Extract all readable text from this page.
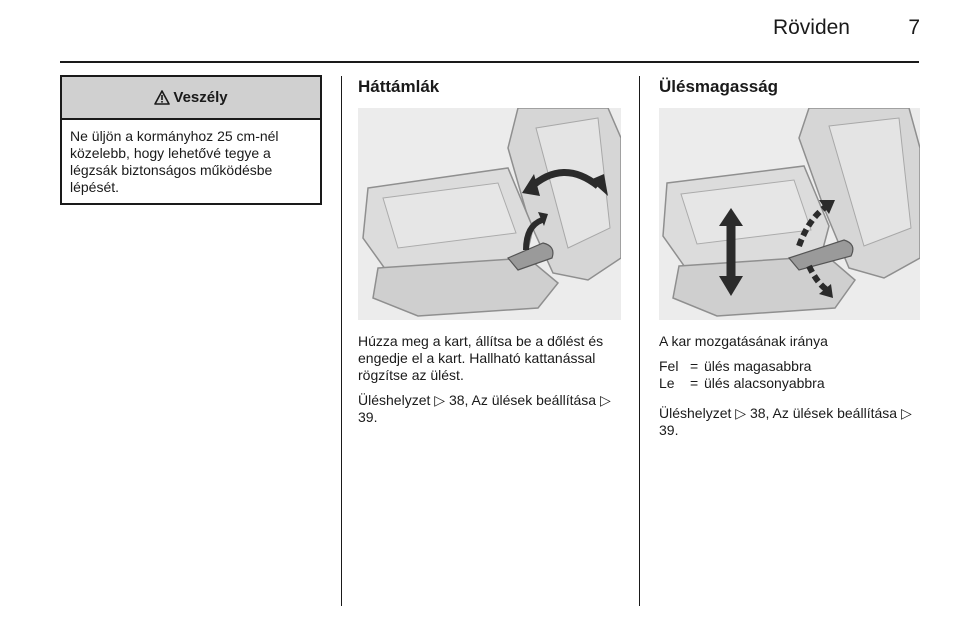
Röviden	7
Veszély
Ne üljön a kormányhoz 25 cm-nél közelebb, hogy lehetővé tegye a légzsák biztonságos működésbe lépését.
Háttámlák

Húzza meg a kart, állítsa be a dőlést és engedje el a kart. Hallható kattanással rögzítse az ülést.

Üléshelyzet ▷ 38, Az ülések beállítása ▷ 39.

Ülésmagasság

A kar mozgatásának iránya

Fel = ülés magasabbra
Le	= ülés alacsonyabbra

Üléshelyzet ▷ 38, Az ülések beállítása ▷ 39.
